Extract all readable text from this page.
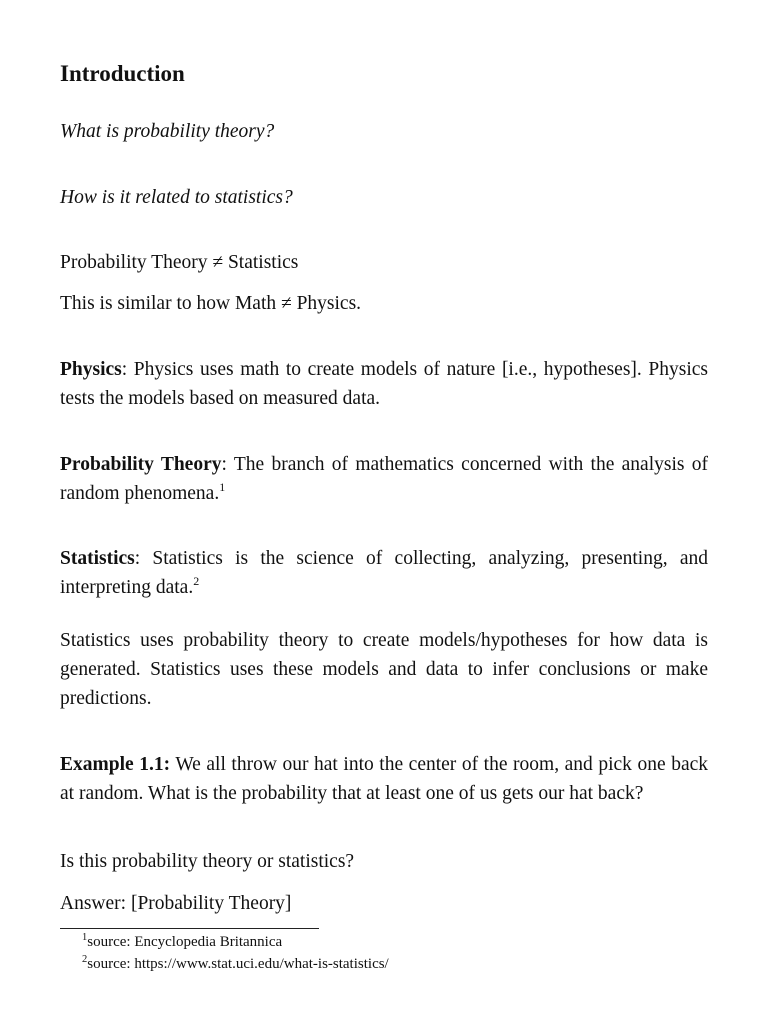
Introduction

What is probability theory?

How is it related to statistics?

Probability Theory ≠ Statistics

This is similar to how Math ≠ Physics.

Physics: Physics uses math to create models of nature [i.e., hypotheses]. Physics tests the models based on measured data.

Probability Theory: The branch of mathematics concerned with the analysis of random phenomena.$^1$

Statistics: Statistics is the science of collecting, analyzing, presenting, and interpreting data.$^2$

Statistics uses probability theory to create models/hypotheses for how data is generated. Statistics uses these models and data to infer conclusions or make predictions.

Example 1.1: We all throw our hat into the center of the room, and pick one back at random. What is the probability that at least one of us gets our hat back?

Is this probability theory or statistics?

Answer: [Probability Theory]

$^1$source: Encyclopedia Britannica

$^2$source: https://www.stat.uci.edu/what-is-statistics/
